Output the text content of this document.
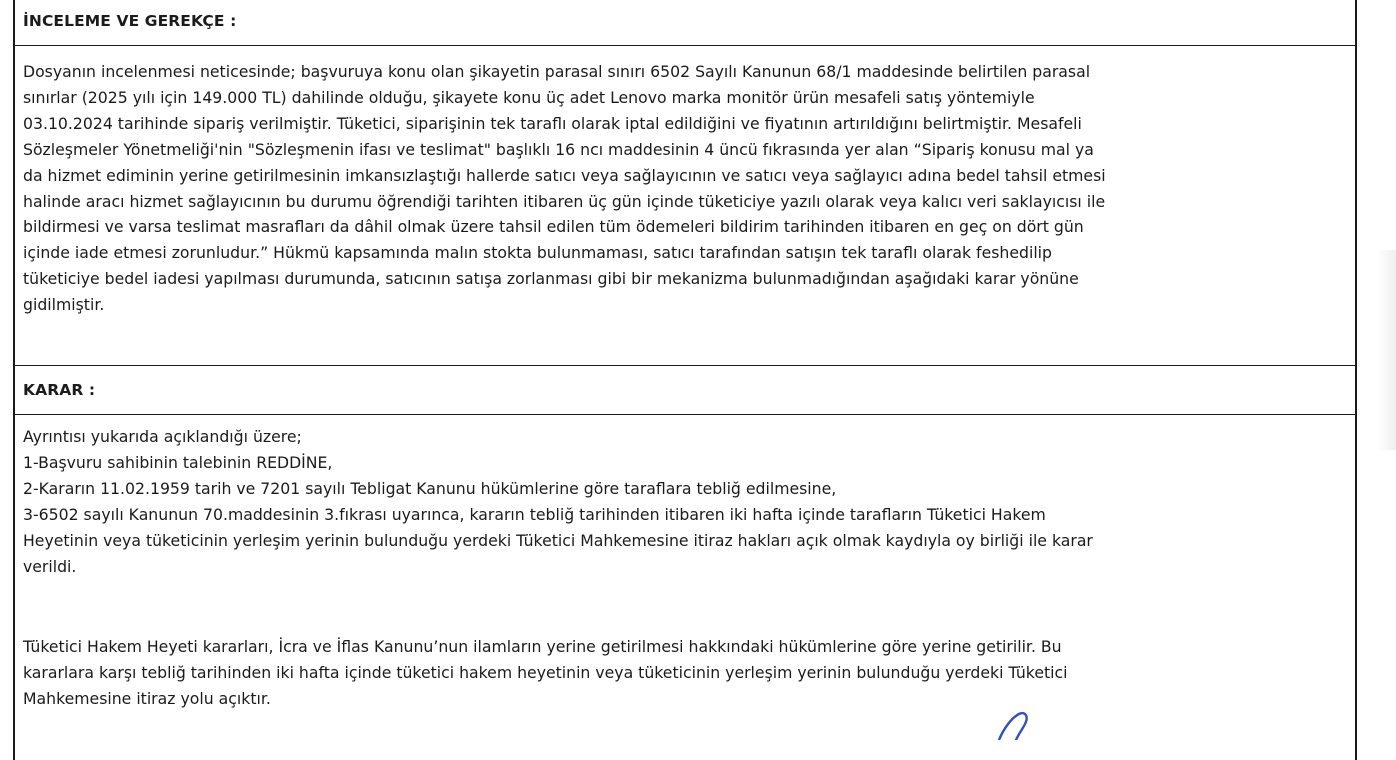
İNCELEME VE GEREKÇE :
Dosyanın incelenmesi neticesinde; başvuruya konu olan şikayetin parasal sınırı 6502 Sayılı Kanunun 68/1 maddesinde belirtilen parasal
sınırlar (2025 yılı için 149.000 TL) dahilinde olduğu, şikayete konu üç adet Lenovo marka monitör ürün mesafeli satış yöntemiyle
03.10.2024 tarihinde sipariş verilmiştir. Tüketici, siparişinin tek taraflı olarak iptal edildiğini ve fiyatının artırıldığını belirtmiştir. Mesafeli
Sözleşmeler Yönetmeliği'nin "Sözleşmenin ifası ve teslimat" başlıklı 16 ncı maddesinin 4 üncü fıkrasında yer alan “Sipariş konusu mal ya
da hizmet ediminin yerine getirilmesinin imkansızlaştığı hallerde satıcı veya sağlayıcının ve satıcı veya sağlayıcı adına bedel tahsil etmesi
halinde aracı hizmet sağlayıcının bu durumu öğrendiği tarihten itibaren üç gün içinde tüketiciye yazılı olarak veya kalıcı veri saklayıcısı ile
bildirmesi ve varsa teslimat masrafları da dâhil olmak üzere tahsil edilen tüm ödemeleri bildirim tarihinden itibaren en geç on dört gün
içinde iade etmesi zorunludur.” Hükmü kapsamında malın stokta bulunmaması, satıcı tarafından satışın tek taraflı olarak feshedilip
tüketiciye bedel iadesi yapılması durumunda, satıcının satışa zorlanması gibi bir mekanizma bulunmadığından aşağıdaki karar yönüne
gidilmiştir.
KARAR :
Ayrıntısı yukarıda açıklandığı üzere;
1-Başvuru sahibinin talebinin REDDİNE,
2-Kararın 11.02.1959 tarih ve 7201 sayılı Tebligat Kanunu hükümlerine göre taraflara tebliğ edilmesine,
3-6502 sayılı Kanunun 70.maddesinin 3.fıkrası uyarınca, kararın tebliğ tarihinden itibaren iki hafta içinde tarafların Tüketici Hakem
Heyetinin veya tüketicinin yerleşim yerinin bulunduğu yerdeki Tüketici Mahkemesine itiraz hakları açık olmak kaydıyla oy birliği ile karar
verildi.
Tüketici Hakem Heyeti kararları, İcra ve İflas Kanunu’nun ilamların yerine getirilmesi hakkındaki hükümlerine göre yerine getirilir. Bu
kararlara karşı tebliğ tarihinden iki hafta içinde tüketici hakem heyetinin veya tüketicinin yerleşim yerinin bulunduğu yerdeki Tüketici
Mahkemesine itiraz yolu açıktır.
